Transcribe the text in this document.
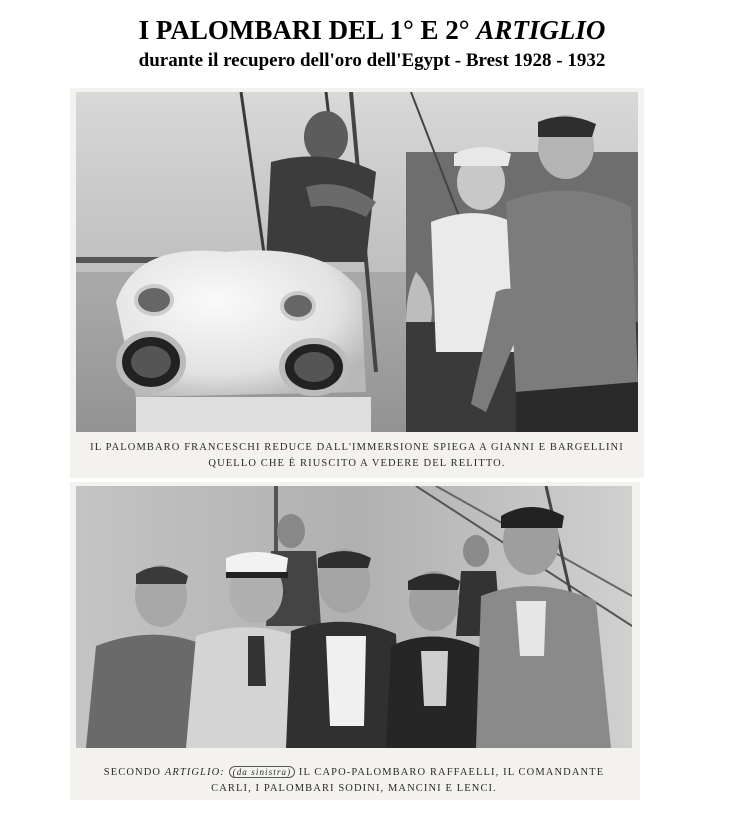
I PALOMBARI DEL 1° E 2° ARTIGLIO
durante il recupero dell'oro dell'Egypt - Brest 1928 - 1932
IL PALOMBARO FRANCESCHI REDUCE DALL'IMMERSIONE SPIEGA A GIANNI E BARGELLINI
QUELLO CHE È RIUSCITO A VEDERE DEL RELITTO.
SECONDO ARTIGLIO: (da sinistra) IL CAPO-PALOMBARO RAFFAELLI, IL COMANDANTE
CARLI, I PALOMBARI SODINI, MANCINI E LENCI.
